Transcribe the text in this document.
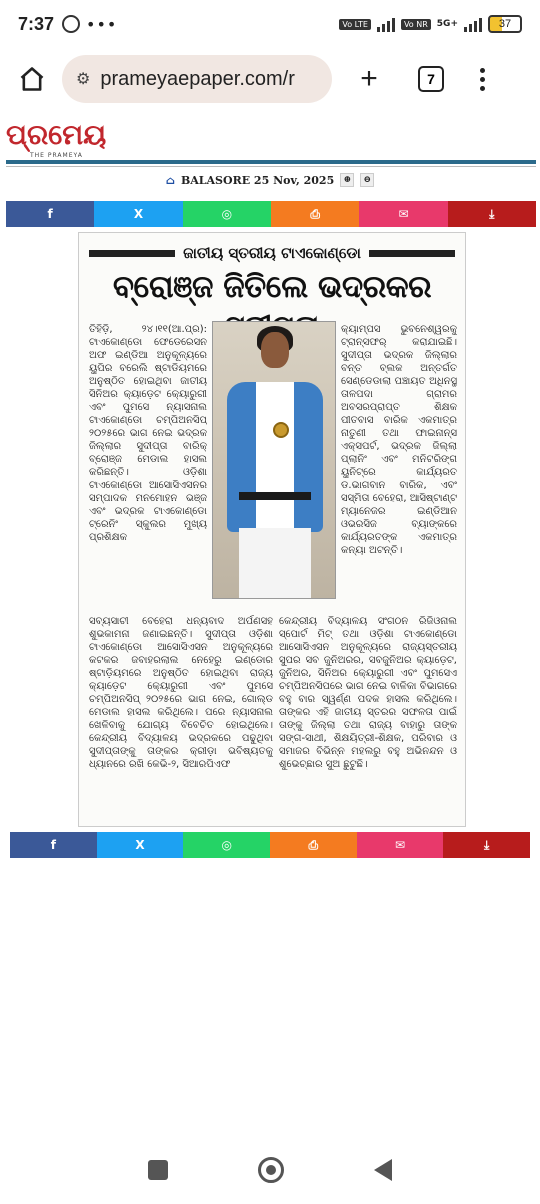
7:37 •••	Vo LTE	Vo NR	5G+	37
⚙ prameyaepaper.com/r +	7
ପ୍ରମେୟ
THE PRAMEYA
⌂ BALASORE 25 Nov, 2025	⊕	⊖
f	X	◎	⎙	✉	⤓
ଜାତୀୟ ସ୍ତରୀୟ ଟାଏକୋଣ୍ଡୋ
ବ୍ରୋଞ୍ଜ ଜିତିଲେ ଭଦ୍ରକର
ତିହିଡ଼ି, ୨୪।୧୧(ଆ.ପ୍ର): ଟାଏକୋଣ୍ଡୋ ଫେଡେରେସନ ଅଫ ଇଣ୍ଡିଆ ଅନୁକୂଳ୍ୟରେ ୟୁପିର ବରେଲି ଷ୍ଟାଡିୟମରେ ଅନୁଷ୍ଠିତ ହୋଇଥିବା ଜାତୀୟ ସିନିଅର କ୍ୟାଡ଼େଟ କ୍ୟୋରୁଗୀ ଏବଂ ପୁମସେ ନ୍ୟାସନାଲ ଟାଏକୋଣ୍ଡୋ ଚମ୍ପିଅନସିପ୍ ୨୦୨୫ରେ ଭାଗ ନେଇ ଭଦ୍ରକ ଜିଲ୍ଲାର ସୁଦୀପ୍ତା ବାରିକ୍ ବ୍ରୋଞ୍ଜ ମେଡାଲ ହାସଲ କରିଛନ୍ତି। ଓଡ଼ିଶା ଟାଏକୋଣ୍ଡୋ ଆସୋସିଏସନର ସମ୍ପାଦକ ମନମୋହନ ଭଞ୍ଜ ଏବଂ ଭଦ୍ରକ ଟାଏକୋଣ୍ଡୋ ଟ୍ରେନିଂ ସ୍କୁଲର ମୁଖ୍ୟ ପ୍ରଶିକ୍ଷକ
କ୍ୟାମ୍ପସ ଭୁବନେଶ୍ୱରକୁ ଟ୍ରାନ୍ସଫର୍ କରାଯାଇଛି। ସୁଦୀପ୍ତା ଭଦ୍ରକ ଜିଲ୍ଲାର ବନ୍ତ ବ୍ଲକ ଅନ୍ତର୍ଗତ ସେଣ୍ଡେଡାଲା ପଞ୍ଚାୟତ ଅଧିନସ୍ଥ ତାଳପଦା ଗ୍ରାମର ଅବସରପ୍ରାପ୍ତ ଶିକ୍ଷକ ପୀତବାସ ବାରିକ ଏକମାତ୍ର ନାତୁଣୀ ତଥା ଫାଇନାନ୍ସ ଏକ୍ସପର୍ଟ, ଭଦ୍ରକ ଜିଲ୍ଲା ପ୍ଲାନିଂ ଏବଂ ମନିଟରିଙ୍ଗ ୟୁନିଟ୍‌ରେ କାର୍ଯ୍ୟରତ ଡ.ଭାଗବାନ ବାରିକ, ଏବଂ ସସ୍ମିତା ବେହେରା, ଆସିଷ୍ଟାଣ୍ଟ ମ୍ୟାନେଜର ଇଣ୍ଡିଆନ ଓଭରସିଜ ବ୍ୟାଙ୍କରେ କାର୍ଯ୍ୟରତଙ୍କ ଏକମାତ୍ର କନ୍ୟା ଅଟନ୍ତି।
ସବ୍ୟସାଚୀ ବେହେରା ଧନ୍ୟବାଦ ଅର୍ପଣସହ ଶୁଭକାମନା ଜଣାଇଛନ୍ତି। ସୁଦୀପ୍ତା ଓଡ଼ିଶା ଟାଏକୋଣ୍ଡୋ ଆସୋସିଏସନ ଅନୁକୂଳ୍ୟରେ କଟକର ଜବାହରଲାଲ ନେହେରୁ ଇଣ୍ଡୋର ଷ୍ଟାଡ଼ିୟମରେ ଅନୁଷ୍ଠିତ ହୋଇଥିବା ରାଜ୍ୟ କ୍ୟାଡ଼େଟ କ୍ୟୋରୁଗୀ ଏବଂ ପୁମସେ ଚମ୍ପିଅନସିପ୍ ୨୦୨୫ରେ ଭାଗ ନେଇ, ଗୋଲ୍ଡ ମେଡାଲ ହାସଲ କରିଥିଲେ। ପରେ ନ୍ୟାସନାଲ ଖେଳିବାକୁ ଯୋଗ୍ୟ ବିବେଚିତ ହୋଇଥିଲେ। କେନ୍ଦ୍ରୀୟ ବିଦ୍ୟାଳୟ ଭଦ୍ରକରେ ପଢୁଥିବା ସୁଦୀପ୍ତାଙ୍କୁ ତାଙ୍କର କ୍ରୀଡ଼ା ଭବିଷ୍ୟତକୁ ଧ୍ୟାନରେ ରଖି କେଭି-୨, ସିଆରପିଏଫ
କେନ୍ଦ୍ରୀୟ ବିଦ୍ୟାଳୟ ସଂଗଠନ ରିଜିଓନାଲ ସ୍ପୋର୍ଟ ମିଟ୍ ତଥା ଓଡ଼ିଶା ଟାଏକୋଣ୍ଡୋ ଆସୋସିଏସନ ଅନୁକୂଳ୍ୟରେ ରାଜ୍ୟସ୍ତରୀୟ ସୁପର ସବ ଜୁନିଅରର, ସବଜୁନିଅର କ୍ୟାଡ଼େଟ, ଜୁନିଅର, ସିନିଅର କ୍ୟୋରୁଗୀ ଏବଂ ପୁମସେଏ ଚମ୍ପିଅନସିପରେ ଭାଗ ନେଇ ବାଳିକା ବିଭାଗରେ ବହୁ ବାର ସ୍ୱର୍ଣ୍ଣ ପଦକ ହାସଲ କରିଥିଲେ। ତାଙ୍କର ଏହି ଜାତୀୟ ସ୍ତରର ସଫଳତା ପାଇଁ ତାଙ୍କୁ ଜିଲ୍ଲା ତଥା ରାଜ୍ୟ ବାହାରୁ ତାଙ୍କ ସଙ୍ଗ-ସାଥୀ, ଶିକ୍ଷୟିତ୍ରୀ-ଶିକ୍ଷକ, ପରିବାର ଓ ସମାଜର ବିଭିନ୍ନ ମହଲରୁ ବହୁ ଅଭିନନ୍ଦନ ଓ ଶୁଭେଚ୍ଛାର ସୁଅ ଛୁଟୁଛି।
f	X	◎	⎙	✉	⤓
